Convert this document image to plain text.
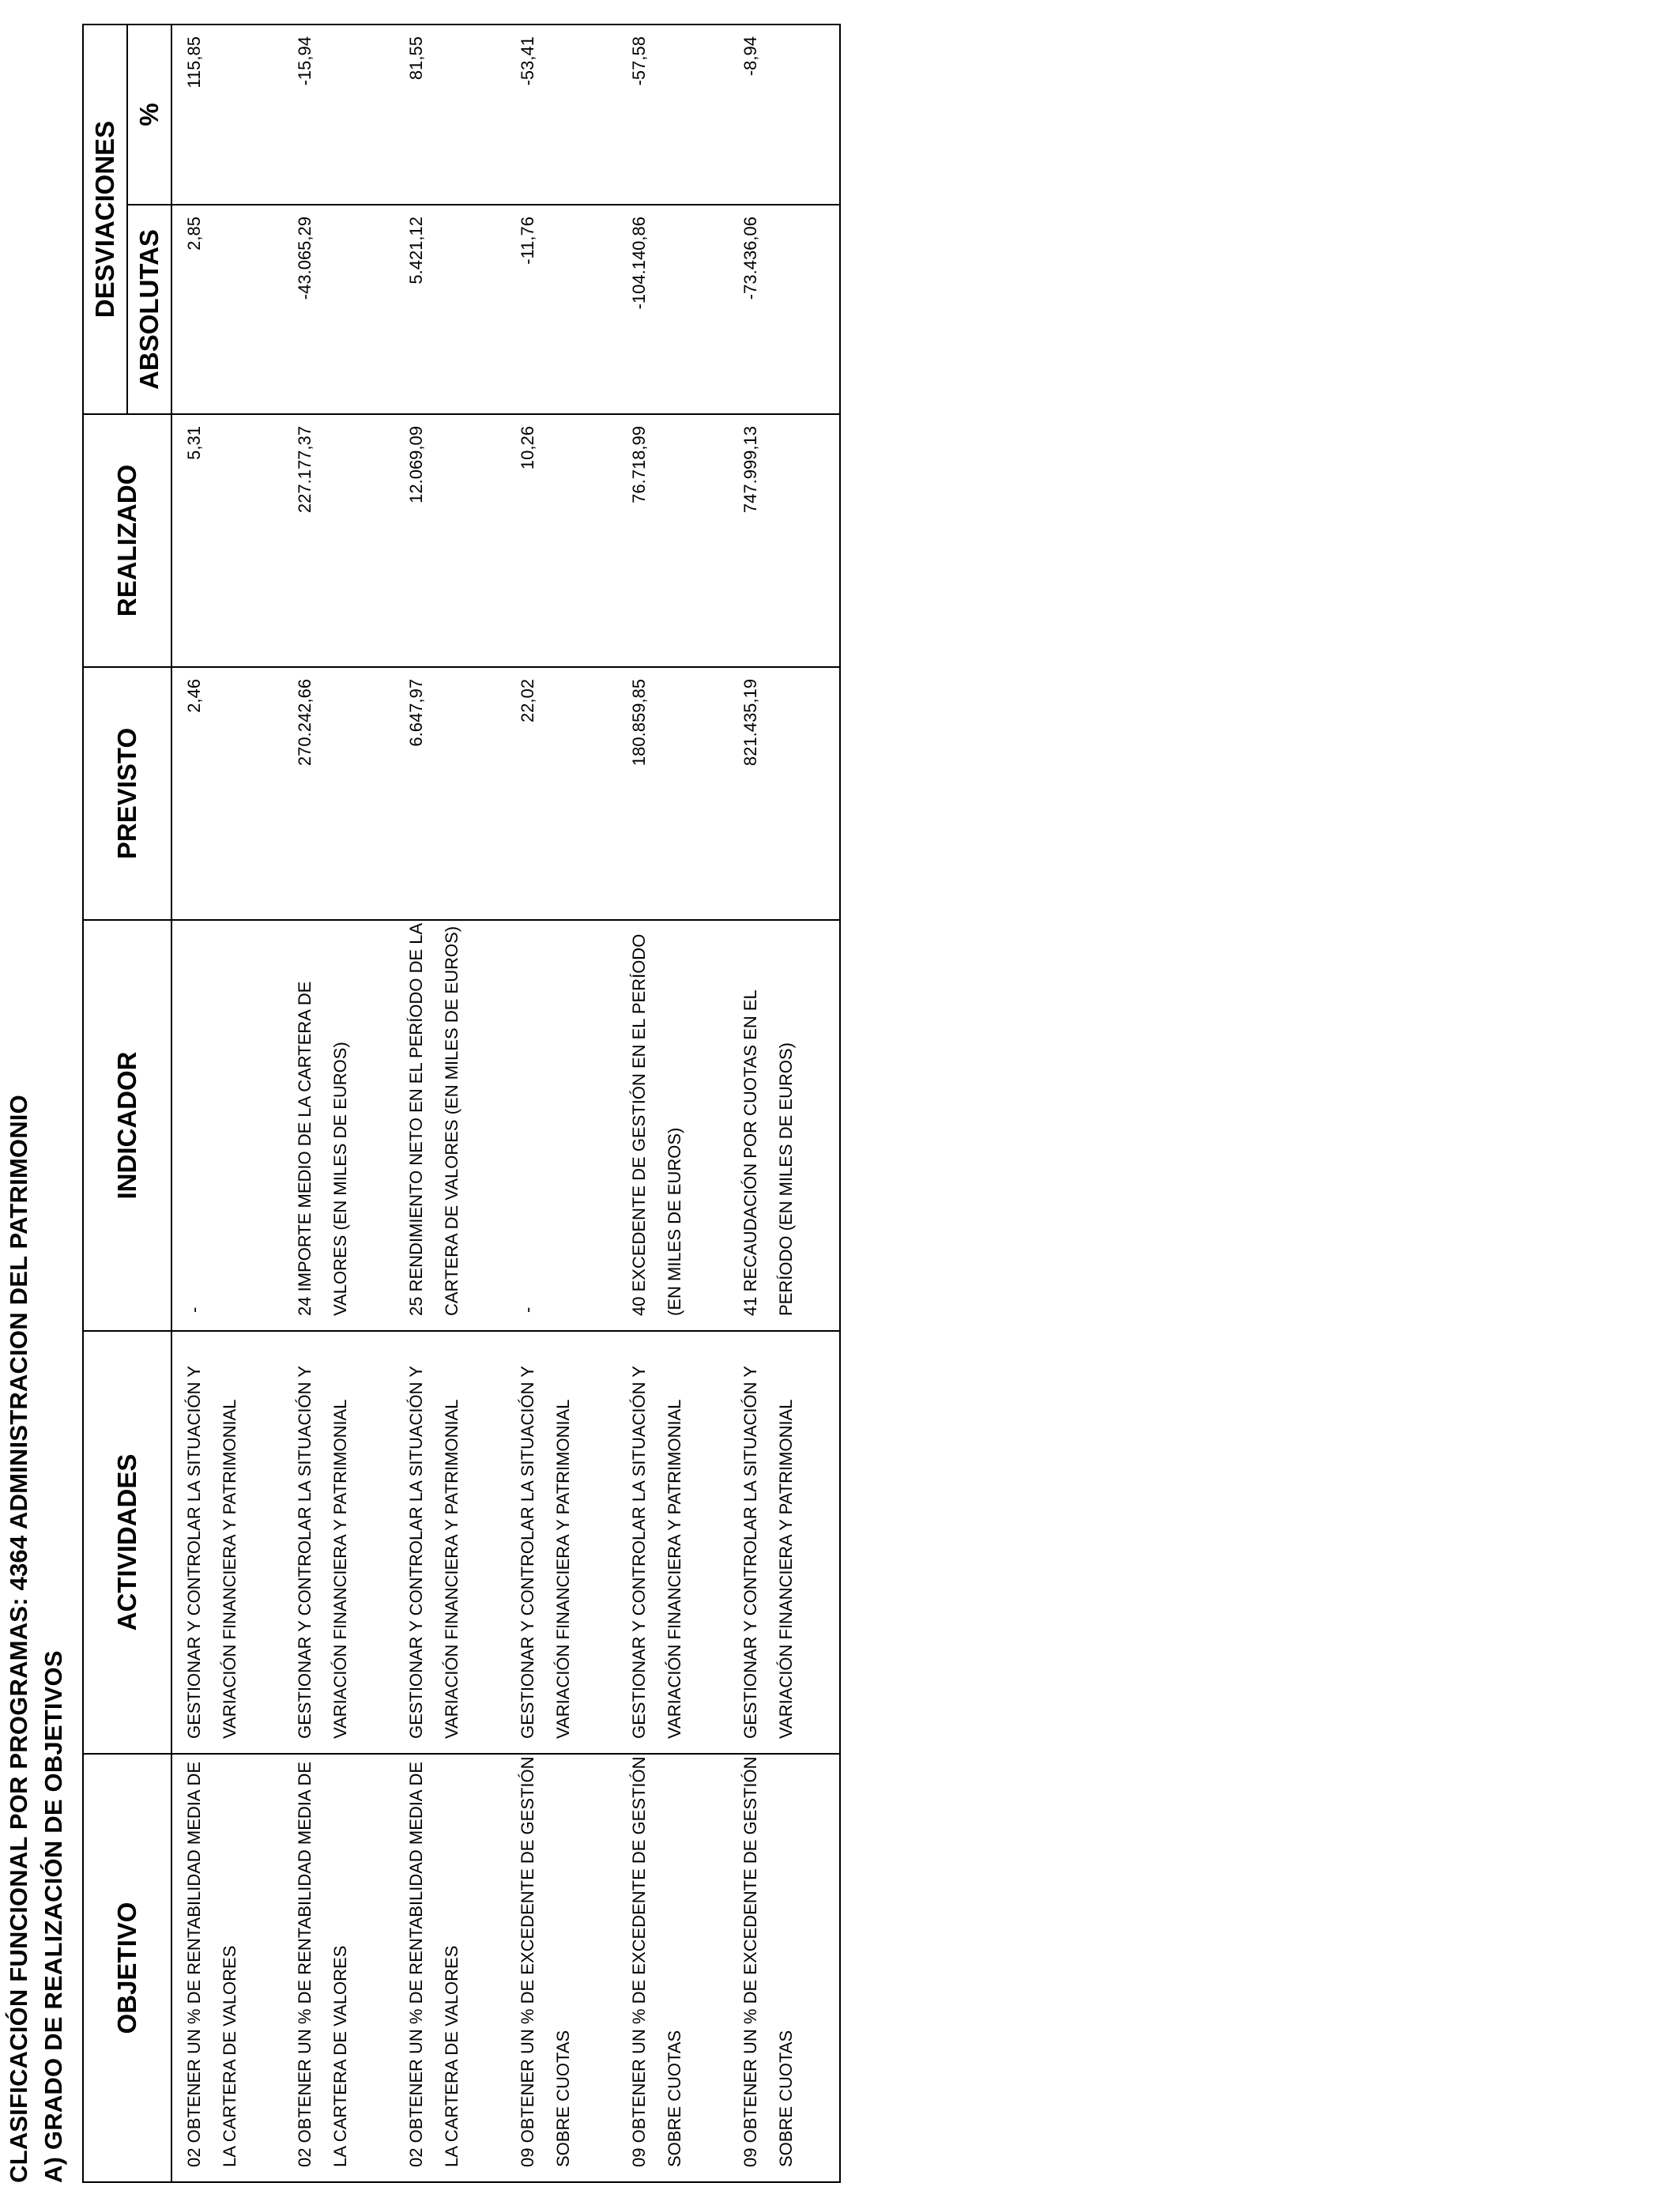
CLASIFICACIÓN FUNCIONAL POR PROGRAMAS: 4364 ADMINISTRACION DEL PATRIMONIO A) GRADO DE REALIZACIÓN DE OBJETIVOS OBJETIVO	ACTIVIDADES	INDICADOR	PREVISTO	REALIZADO	DESVIACIONES	
					ABSOLUTAS	%

02 OBTENER UN % DE RENTABILIDAD MEDIA DE LA CARTERA DE VALORES	GESTIONAR Y CONTROLAR LA SITUACIÓN Y VARIACIÓN FINANCIERA Y PATRIMONIAL	-	2,46	5,31	2,85	115,85

02 OBTENER UN % DE RENTABILIDAD MEDIA DE LA CARTERA DE VALORES	GESTIONAR Y CONTROLAR LA SITUACIÓN Y VARIACIÓN FINANCIERA Y PATRIMONIAL	24 IMPORTE MEDIO DE LA CARTERA DE VALORES (EN MILES DE EUROS)	270.242,66	227.177,37	-43.065,29	-15,94

02 OBTENER UN % DE RENTABILIDAD MEDIA DE LA CARTERA DE VALORES	GESTIONAR Y CONTROLAR LA SITUACIÓN Y VARIACIÓN FINANCIERA Y PATRIMONIAL	25 RENDIMIENTO NETO EN EL PERÍODO DE LA CARTERA DE VALORES (EN MILES DE EUROS)	6.647,97	12.069,09	5.421,12	81,55

09 OBTENER UN % DE EXCEDENTE DE GESTIÓN SOBRE CUOTAS	GESTIONAR Y CONTROLAR LA SITUACIÓN Y VARIACIÓN FINANCIERA Y PATRIMONIAL	-	22,02	10,26	-11,76	-53,41

09 OBTENER UN % DE EXCEDENTE DE GESTIÓN SOBRE CUOTAS	GESTIONAR Y CONTROLAR LA SITUACIÓN Y VARIACIÓN FINANCIERA Y PATRIMONIAL	40 EXCEDENTE DE GESTIÓN EN EL PERÍODO (EN MILES DE EUROS)	180.859,85	76.718,99	-104.140,86	-57,58

09 OBTENER UN % DE EXCEDENTE DE GESTIÓN SOBRE CUOTAS	GESTIONAR Y CONTROLAR LA SITUACIÓN Y VARIACIÓN FINANCIERA Y PATRIMONIAL	41 RECAUDACIÓN POR CUOTAS EN EL PERÍODO (EN MILES DE EUROS)	821.435,19	747.999,13	-73.436,06	-8,94
